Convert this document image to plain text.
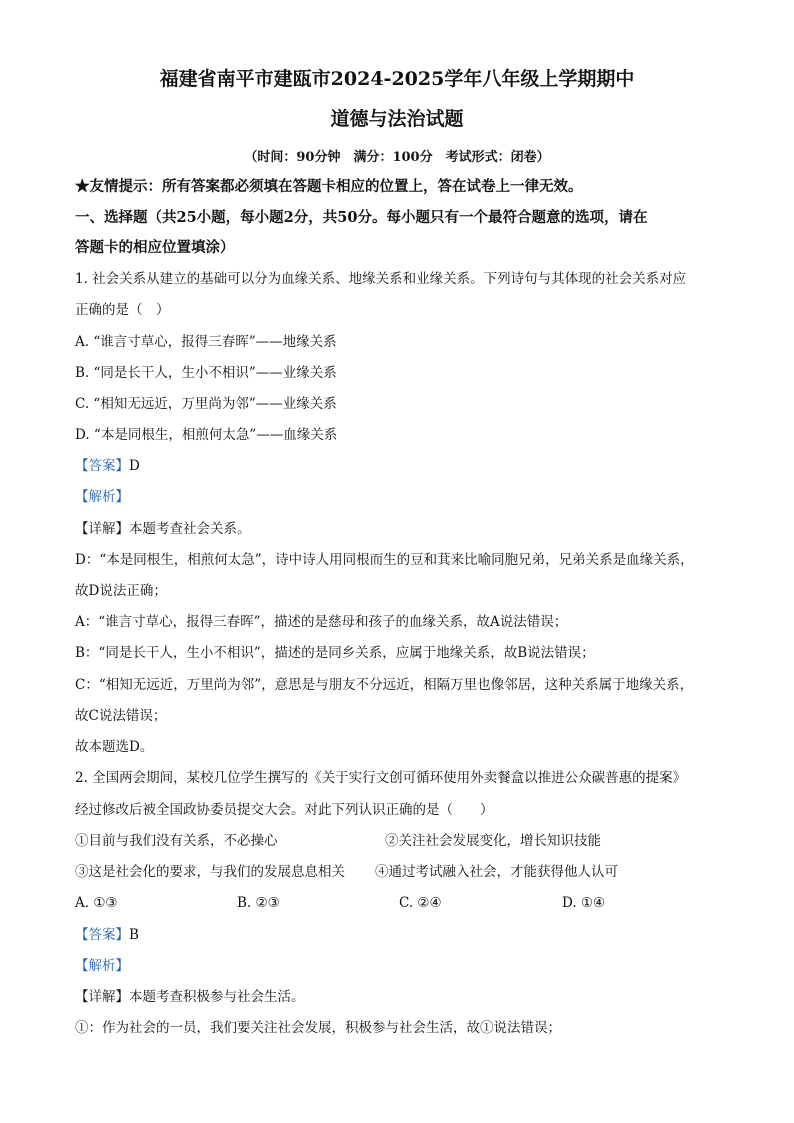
福建省南平市建瓯市2024-2025学年八年级上学期期中
道德与法治试题
（时间：90分钟　满分：100分　考试形式：闭卷）
★友情提示：所有答案都必须填在答题卡相应的位置上，答在试卷上一律无效。
一、选择题（共25小题，每小题2分，共50分。每小题只有一个最符合题意的选项，请在
答题卡的相应位置填涂）
1. 社会关系从建立的基础可以分为血缘关系、地缘关系和业缘关系。下列诗句与其体现的社会关系对应
正确的是（　）
A. “谁言寸草心，报得三春晖”——地缘关系
B. “同是长干人，生小不相识”——业缘关系
C. “相知无远近，万里尚为邻”——业缘关系
D. “本是同根生，相煎何太急”——血缘关系
【答案】D
【解析】
【详解】本题考查社会关系。
D：“本是同根生，相煎何太急”，诗中诗人用同根而生的豆和萁来比喻同胞兄弟，兄弟关系是血缘关系，
故D说法正确；
A：“谁言寸草心，报得三春晖”，描述的是慈母和孩子的血缘关系，故A说法错误；
B：“同是长干人，生小不相识”，描述的是同乡关系，应属于地缘关系，故B说法错误；
C：“相知无远近，万里尚为邻”，意思是与朋友不分远近，相隔万里也像邻居，这种关系属于地缘关系，
故C说法错误；
故本题选D。
2. 全国两会期间，某校几位学生撰写的《关于实行文创可循环使用外卖餐盒以推进公众碳普惠的提案》
经过修改后被全国政协委员提交大会。对此下列认识正确的是（　　）
①目前与我们没有关系，不必操心	②关注社会发展变化，增长知识技能
③这是社会化的要求，与我们的发展息息相关 ④通过考试融入社会，才能获得他人认可
A. ①③	B. ②③	C. ②④	D. ①④
【答案】B
【解析】
【详解】本题考查积极参与社会生活。
①：作为社会的一员，我们要关注社会发展，积极参与社会生活，故①说法错误；
